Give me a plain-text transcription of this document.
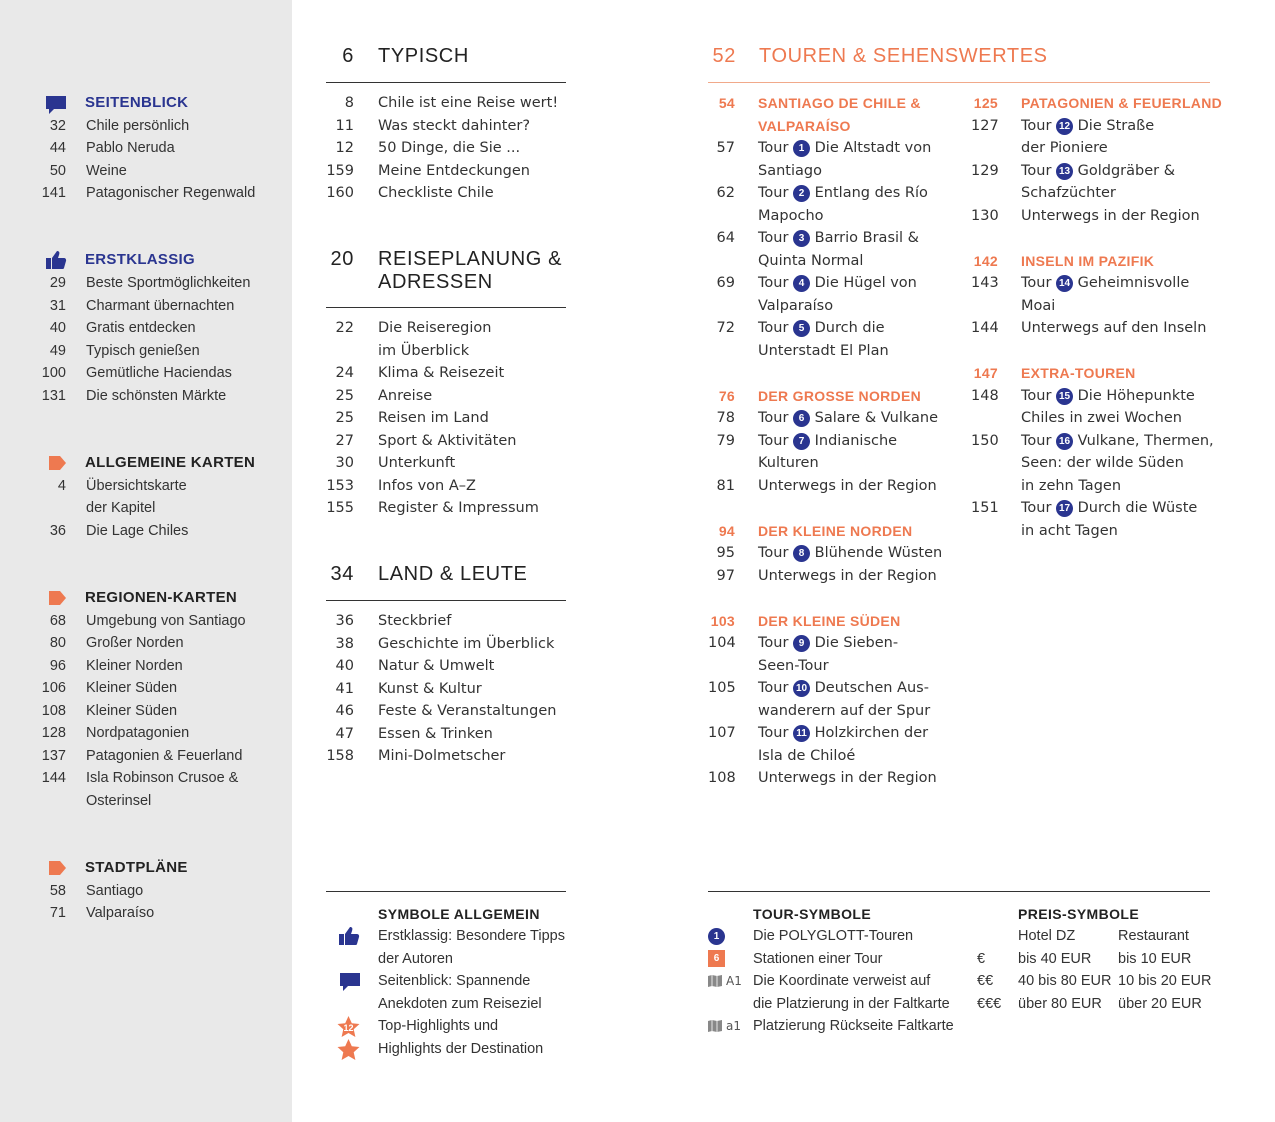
SEITENBLICK
32 Chile persönlich
44 Pablo Neruda
50 Weine
141 Patagonischer Regenwald
ERSTKLASSIG
29 Beste Sportmöglichkeiten
31 Charmant übernachten
40 Gratis entdecken
49 Typisch genießen
100 Gemütliche Haciendas
131 Die schönsten Märkte
ALLGEMEINE KARTEN
4 Übersichtskarte
der Kapitel
36 Die Lage Chiles
REGIONEN-KARTEN
68 Umgebung von Santiago
80 Großer Norden
96 Kleiner Norden
106 Kleiner Süden
108 Kleiner Süden
128 Nordpatagonien
137 Patagonien & Feuerland
144 Isla Robinson Crusoe &
Osterinsel
STADTPLÄNE
58 Santiago
71 Valparaíso
6 TYPISCH
8 Chile ist eine Reise wert!
11 Was steckt dahinter?
12 50 Dinge, die Sie ...
159 Meine Entdeckungen
160 Checkliste Chile
20 REISEPLANUNG &
ADRESSEN
22 Die Reiseregion
im Überblick
24 Klima & Reisezeit
25 Anreise
25 Reisen im Land
27 Sport & Aktivitäten
30 Unterkunft
153 Infos von A–Z
155 Register & Impressum
34 LAND & LEUTE
36 Steckbrief
38 Geschichte im Überblick
40 Natur & Umwelt
41 Kunst & Kultur
46 Feste & Veranstaltungen
47 Essen & Trinken
158 Mini-Dolmetscher
52 TOUREN & SEHENSWERTES
54 SANTIAGO DE CHILE &
VALPARAÍSO
57 Tour 1 Die Altstadt von
Santiago
62 Tour 2 Entlang des Río
Mapocho
64 Tour 3 Barrio Brasil &
Quinta Normal
69 Tour 4 Die Hügel von
Valparaíso
72 Tour 5 Durch die
Unterstadt El Plan
76 DER GROSSE NORDEN
78 Tour 6 Salare & Vulkane
79 Tour 7 Indianische
Kulturen
81 Unterwegs in der Region
94 DER KLEINE NORDEN
95 Tour 8 Blühende Wüsten
97 Unterwegs in der Region
103 DER KLEINE SÜDEN
104 Tour 9 Die Sieben-
Seen-Tour
105 Tour 10 Deutschen Aus-
wanderern auf der Spur
107 Tour 11 Holzkirchen der
Isla de Chiloé
108 Unterwegs in der Region
125 PATAGONIEN & FEUERLAND
127 Tour 12 Die Straße
der Pioniere
129 Tour 13 Goldgräber &
Schafzüchter
130 Unterwegs in der Region
142 INSELN IM PAZIFIK
143 Tour 14 Geheimnisvolle
Moai
144 Unterwegs auf den Inseln
147 EXTRA-TOUREN
148 Tour 15 Die Höhepunkte
Chiles in zwei Wochen
150 Tour 16 Vulkane, Thermen,
Seen: der wilde Süden
in zehn Tagen
151 Tour 17 Durch die Wüste
in acht Tagen
SYMBOLE ALLGEMEIN
12
Erstklassig: Besondere Tipps
der Autoren
Seitenblick: Spannende
Anekdoten zum Reiseziel
Top-Highlights und
Highlights der Destination
TOUR-SYMBOLE
1
6
A1
a1
Die POLYGLOTT-Touren
Stationen einer Tour
Die Koordinate verweist auf
die Platzierung in der Faltkarte
Platzierung Rückseite Faltkarte
PREIS-SYMBOLE
Hotel DZ	Restaurant
€ bis 40 EUR bis 10 EUR
€€ 40 bis 80 EUR 10 bis 20 EUR
€€€ über 80 EUR über 20 EUR
